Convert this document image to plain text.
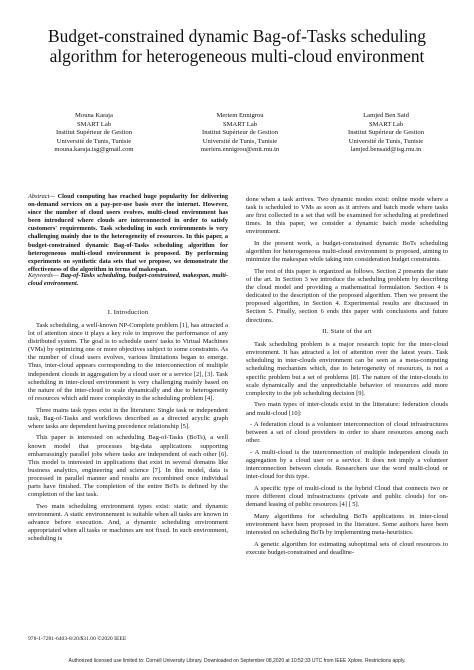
Budget-constrained dynamic Bag-of-Tasks scheduling algorithm for heterogeneous multi-cloud environment
Mouna Karaja
SMART Lab
Institut Supérieur de Gestion
Université de Tunis, Tunisie
mouna.karaja.isg@gmail.com
Meriem Ennigrou
SMART Lab
Institut Supérieur de Gestion
Université de Tunis, Tunisie
meriem.ennigrou@enit.rnu.tn
Lamjed Ben Said
SMART Lab
Institut Supérieur de Gestion
Université de Tunis, Tunisie
lamjed.bensaid@isg.rnu.tn
Abstract— Cloud computing has reached huge popularity for delivering on-demand services on a pay-per-use basis over the internet. However, since the number of cloud users evolves, multi-cloud environment has been introduced where clouds are interconnected in order to satisfy customers' requirements. Task scheduling in such environments is very challenging mainly due to the heterogeneity of resources. In this paper, a budget-constrained dynamic Bag-of-Tasks scheduling algorithm for heterogeneous multi-cloud environment is proposed. By performing experiments on synthetic data sets that we propose, we demonstrate the effectiveness of the algorithm in terms of makespan.
Keywords— Bag-of-Tasks scheduling, budget-constrained, makespan, multi-cloud environment.
I. Introduction

Task scheduling, a well-known NP-Complete problem [1], has attracted a lot of attention since it plays a key role to improve the performance of any distributed system. The goal is to schedule users' tasks to Virtual Machines (VMs) by optimizing one or more objectives subject to some constraints. As the number of cloud users evolves, various limitations began to emerge. Thus, inter-cloud appears corresponding to the interconnection of multiple independent clouds in aggregation by a cloud user or a service [2], [3]. Task scheduling in inter-cloud environment is very challenging mainly based on the nature of the inter-cloud to scale dynamically and due to heterogeneity of resources which add more complexity to the scheduling problem [4].

Three mains task types exist in the literature: Single task or independent task, Bag-of-Tasks and workflows described as a directed acyclic graph where tasks are dependent having precedence relationship [5].

This paper is interested on scheduling Bag-of-Tasks (BoTs), a well known model that processes big-data applications supporting embarrassingly parallel jobs where tasks are independent of each other [6]. This model is interested in applications that exist in several domains like business analytics, engineering and science [7]. In this model, data is processed in parallel manner and results are recombined once individual parts have finished. The completion of the entire BoTs is defined by the completion of the last task.

Two main scheduling environment types exist: static and dynamic environment. A static environnement is suitable when all tasks are known in advance before execution. And, a dynamic scheduling environment appropriated when all tasks or machines are not fixed. In such environment, scheduling is

done when a task arrives. Two dynamic modes exist: online mode where a task is scheduled to VMs as soon as it arrives and batch mode where tasks are first collected in a set that will be examined for scheduling at predefined times. In this paper, we consider a dynamic batch mode scheduling environment.

In the present work, a budget-constrained dynamic BoTs scheduling algorithm for heterogeneous multi-cloud environment is proposed, aiming to minimize the makespan while taking into consideration budget constraints.

The rest of this paper is organized as follows. Section 2 presents the state of the art. In Section 3 we introduce the scheduling problem by describing the cloud model and providing a mathematical formulation. Section 4 is dedicated to the description of the proposed algorithm. Then we present the proposed algorithm, in Section 4. Experimental results are discussed in Section 5. Finally, section 6 ends this paper with conclusions and future directions.

II. State of the art

Task scheduling problem is a major research topic for the inter-cloud environment. It has attracted a lot of attention over the latest years. Task scheduling in inter-clouds environment can be seen as a meta-computing scheduling mechanism which, due to heterogeneity of resources, is not a specific problem but a set of problems [8]. The nature of the inter-clouds to scale dynamically and the unpredictable behavior of resources add more complexity to the job scheduling decision [9].

Two main types of inter-clouds exist in the litterature: federation clouds and multi-cloud [10]:

- A federation cloud is a volunteer interconnection of cloud infrastructures between a set of cloud providers in order to share resources among each other.

- A multi-cloud is the interconnection of multiple independent clouds in aggregation by a cloud user or a service. It does not imply a volunteer interconnection between clouds. Researchers use the word multi-cloud or inter-cloud for this type.

A specific type of multi-cloud is the hybrid Cloud that connects two or more different cloud infrastructures (private and public clouds) for on-demand leasing of public resources [4] [ 5].

Many algorithms for scheduling BoTs applications in inter-cloud environment have been proposed in the literature. Some authors have been interested on scheduling BoTs by implementing meta-heuristics.

A genetic algorithm for estimating suboptimal sets of cloud resources to execute budget-constrained and deadline-

978-1-7281-6403-8/20/$31.00 ©2020 IEEE
Authorized licensed use limited to: Cornell University Library. Downloaded on September 08,2020 at 10:52:33 UTC from IEEE Xplore. Restrictions apply.
